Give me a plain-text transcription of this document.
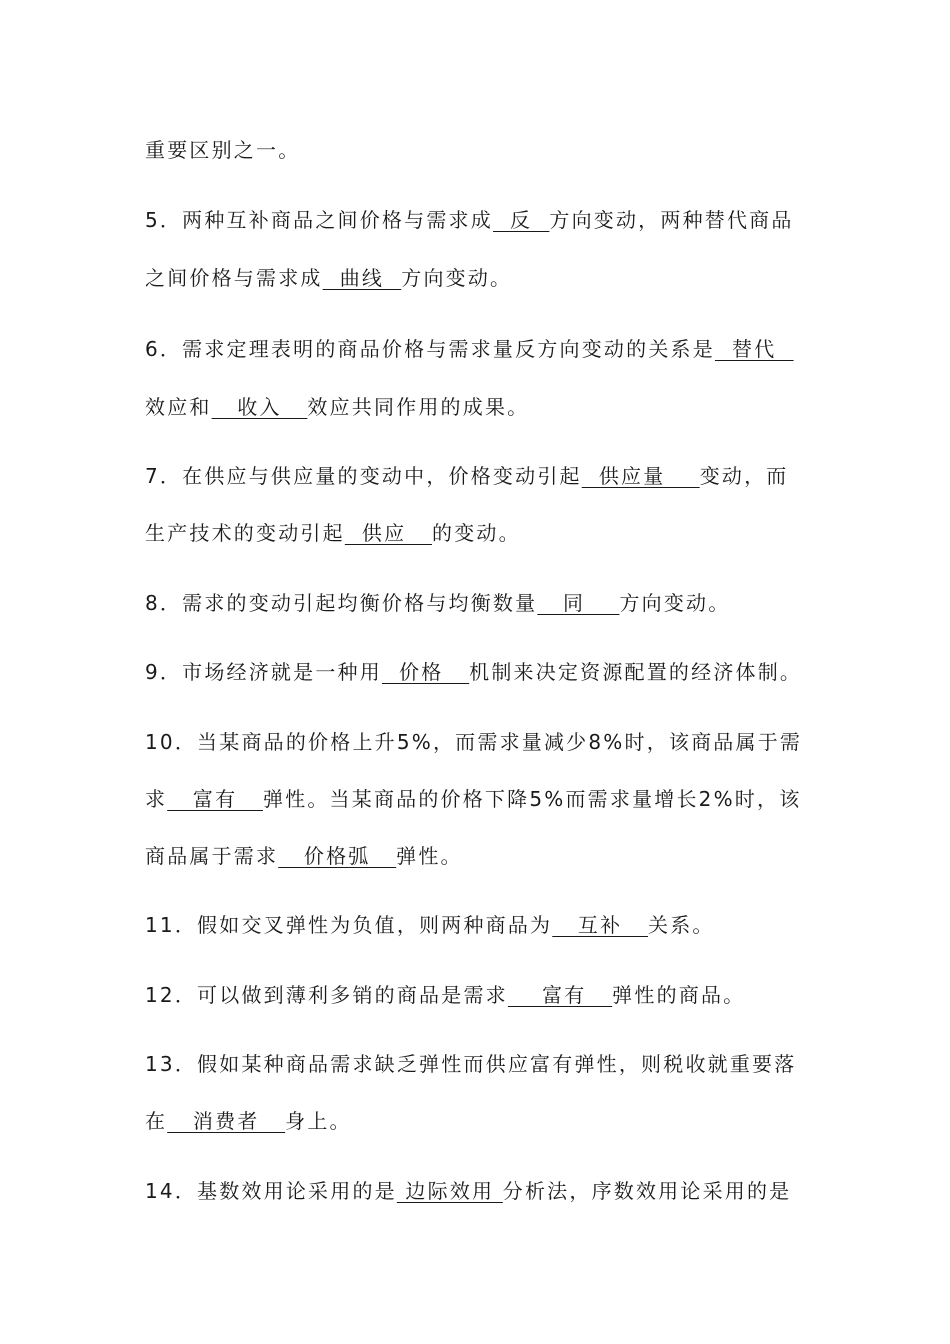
重要区别之一。
5．两种互补商品之间价格与需求成  反  方向变动，两种替代商品
之间价格与需求成  曲线  方向变动。
6．需求定理表明的商品价格与需求量反方向变动的关系是  替代
效应和   收入   效应共同作用的成果。
7．在供应与供应量的变动中，价格变动引起  供应量    变动，而
生产技术的变动引起  供应   的变动。
8．需求的变动引起均衡价格与均衡数量   同    方向变动。
9．市场经济就是一种用  价格   机制来决定资源配置的经济体制。
10．当某商品的价格上升5%，而需求量减少8%时，该商品属于需
求   富有   弹性。当某商品的价格下降5%而需求量增长2%时，该
商品属于需求   价格弧   弹性。
11．假如交叉弹性为负值，则两种商品为   互补   关系。
12．可以做到薄利多销的商品是需求    富有   弹性的商品。
13．假如某种商品需求缺乏弹性而供应富有弹性，则税收就重要落
在   消费者   身上。
14．基数效用论采用的是 边际效用 分析法，序数效用论采用的是
